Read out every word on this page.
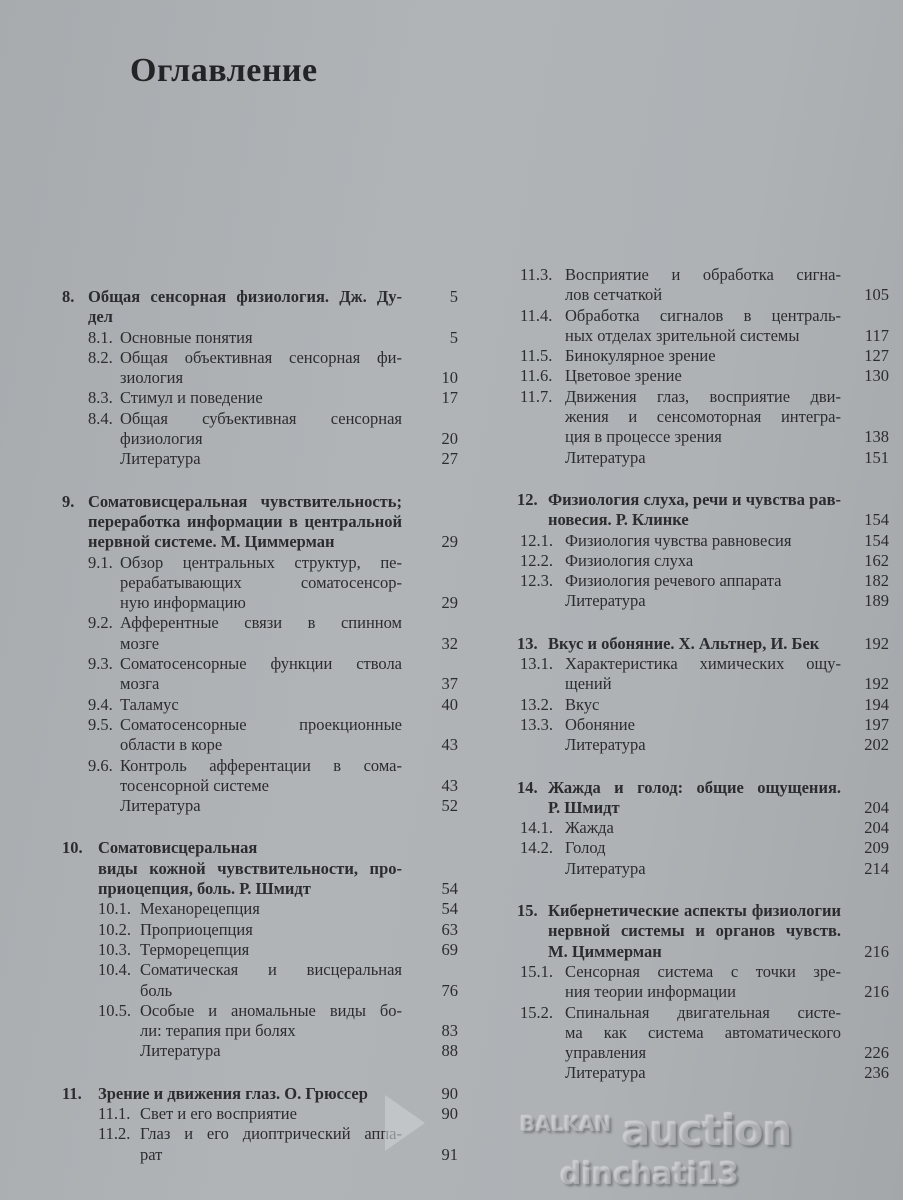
Оглавление
8. Общая сенсорная физиология. Дж. Ду-	5
дел
8.1. Основные понятия	5
8.2. Общая объективная сенсорная фи-
зиология	10
8.3. Стимул и поведение	17
8.4. Общая субъективная сенсорная
физиология	20
Литература	27
9. Соматовисцеральная чувствительность;
переработка информации в центральной
нервной системе. М. Циммерман	29
9.1. Обзор центральных структур, пе-
рерабатывающих соматосенсор-
ную информацию	29
9.2. Афферентные связи в спинном
мозге	32
9.3. Соматосенсорные функции ствола
мозга	37
9.4. Таламус	40
9.5. Соматосенсорные проекционные
области в коре	43
9.6. Контроль афферентации в сома-
тосенсорной системе	43
Литература	52
10. Соматовисцеральная
виды кожной чувствительности, про-
приоцепция, боль. Р. Шмидт	54
10.1. Механорецепция	54
10.2. Проприоцепция	63
10.3. Терморецепция	69
10.4. Соматическая и висцеральная
боль	76
10.5. Особые и аномальные виды бо-
ли: терапия при болях	83
Литература	88
11. Зрение и движения глаз. О. Грюссер	90
11.1. Свет и его восприятие	90
11.2. Глаз и его диоптрический аппа-
рат	91
11.3. Восприятие и обработка сигна-
лов сетчаткой	105
11.4. Обработка сигналов в централь-
ных отделах зрительной системы	117
11.5. Бинокулярное зрение	127
11.6. Цветовое зрение	130
11.7. Движения глаз, восприятие дви-
жения и сенсомоторная интегра-
ция в процессе зрения	138
Литература	151
12. Физиология слуха, речи и чувства рав-
новесия. Р. Клинке	154
12.1. Физиология чувства равновесия	154
12.2. Физиология слуха	162
12.3. Физиология речевого аппарата	182
Литература	189
13. Вкус и обоняние. Х. Альтнер, И. Бек	192
13.1. Характеристика химических ощу-
щений	192
13.2. Вкус	194
13.3. Обоняние	197
Литература	202
14. Жажда и голод: общие ощущения.
Р. Шмидт	204
14.1. Жажда	204
14.2. Голод	209
Литература	214
15. Кибернетические аспекты физиологии
нервной системы и органов чувств.
М. Циммерман	216
15.1. Сенсорная система с точки зре-
ния теории информации	216
15.2. Спинальная двигательная систе-
ма как система автоматического
управления	226
Литература	236
BALKAN auction
dinchati13
